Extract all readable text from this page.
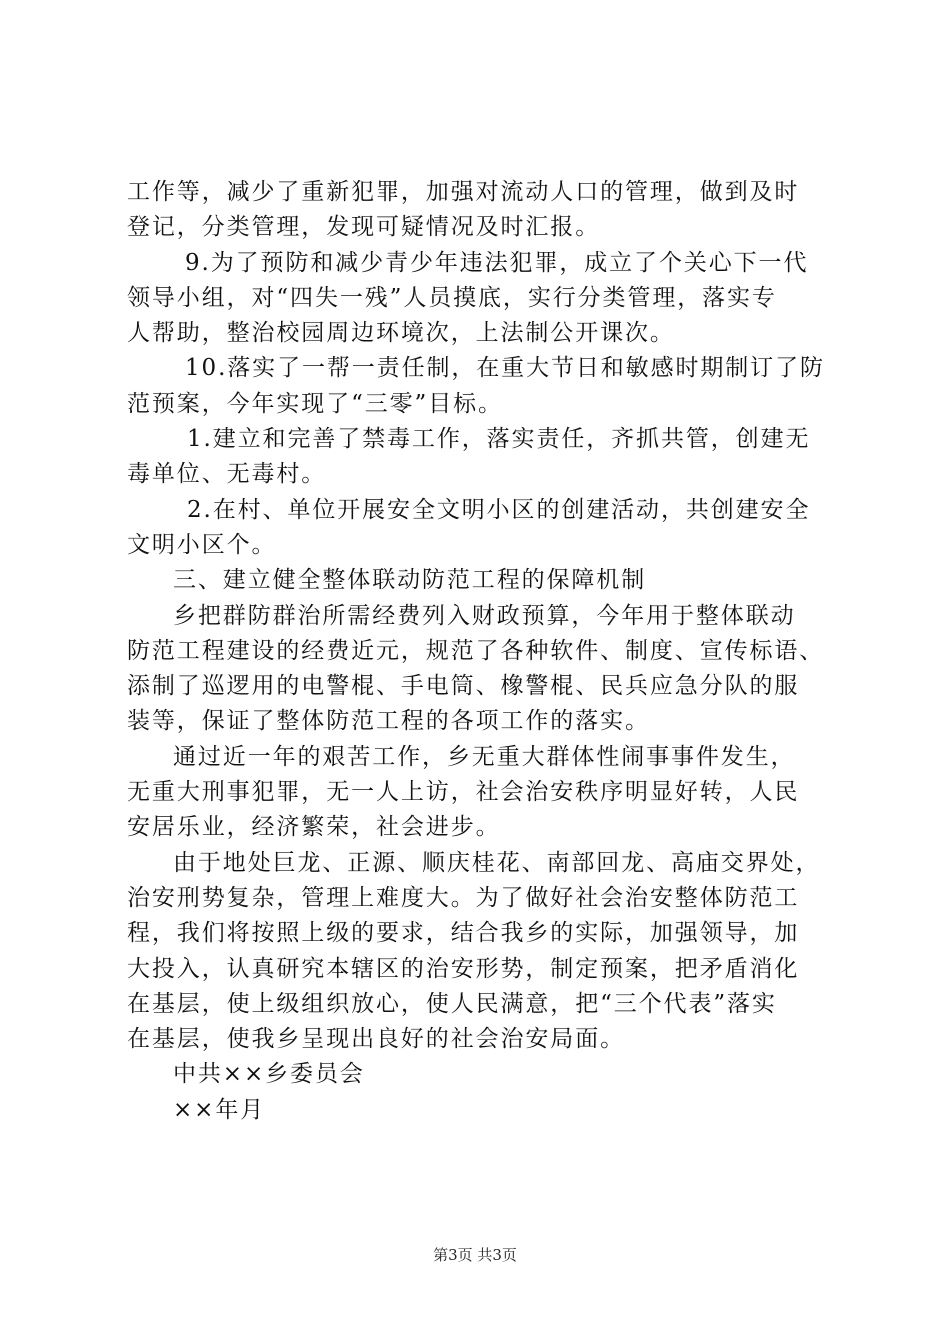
工作等，减少了重新犯罪，加强对流动人口的管理，做到及时
登记，分类管理，发现可疑情况及时汇报。

9.为了预防和减少青少年违法犯罪，成立了个关心下一代

领导小组，对“四失一残”人员摸底，实行分类管理，落实专
人帮助，整治校园周边环境次，上法制公开课次。

10.落实了一帮一责任制，在重大节日和敏感时期制订了防

范预案，今年实现了“三零”目标。

1.建立和完善了禁毒工作，落实责任，齐抓共管，创建无

毒单位、无毒村。

2.在村、单位开展安全文明小区的创建活动，共创建安全

文明小区个。

三、建立健全整体联动防范工程的保障机制

乡把群防群治所需经费列入财政预算，今年用于整体联动

防范工程建设的经费近元，规范了各种软件、制度、宣传标语、
添制了巡逻用的电警棍、手电筒、橡警棍、民兵应急分队的服
装等，保证了整体防范工程的各项工作的落实。

通过近一年的艰苦工作，乡无重大群体性闹事事件发生，

无重大刑事犯罪，无一人上访，社会治安秩序明显好转，人民
安居乐业，经济繁荣，社会进步。

由于地处巨龙、正源、顺庆桂花、南部回龙、高庙交界处，

治安刑势复杂，管理上难度大。为了做好社会治安整体防范工
程，我们将按照上级的要求，结合我乡的实际，加强领导，加
大投入，认真研究本辖区的治安形势，制定预案，把矛盾消化
在基层，使上级组织放心，使人民满意，把“三个代表”落实
在基层，使我乡呈现出良好的社会治安局面。

中共××乡委员会

××年月

第3页 共3页
